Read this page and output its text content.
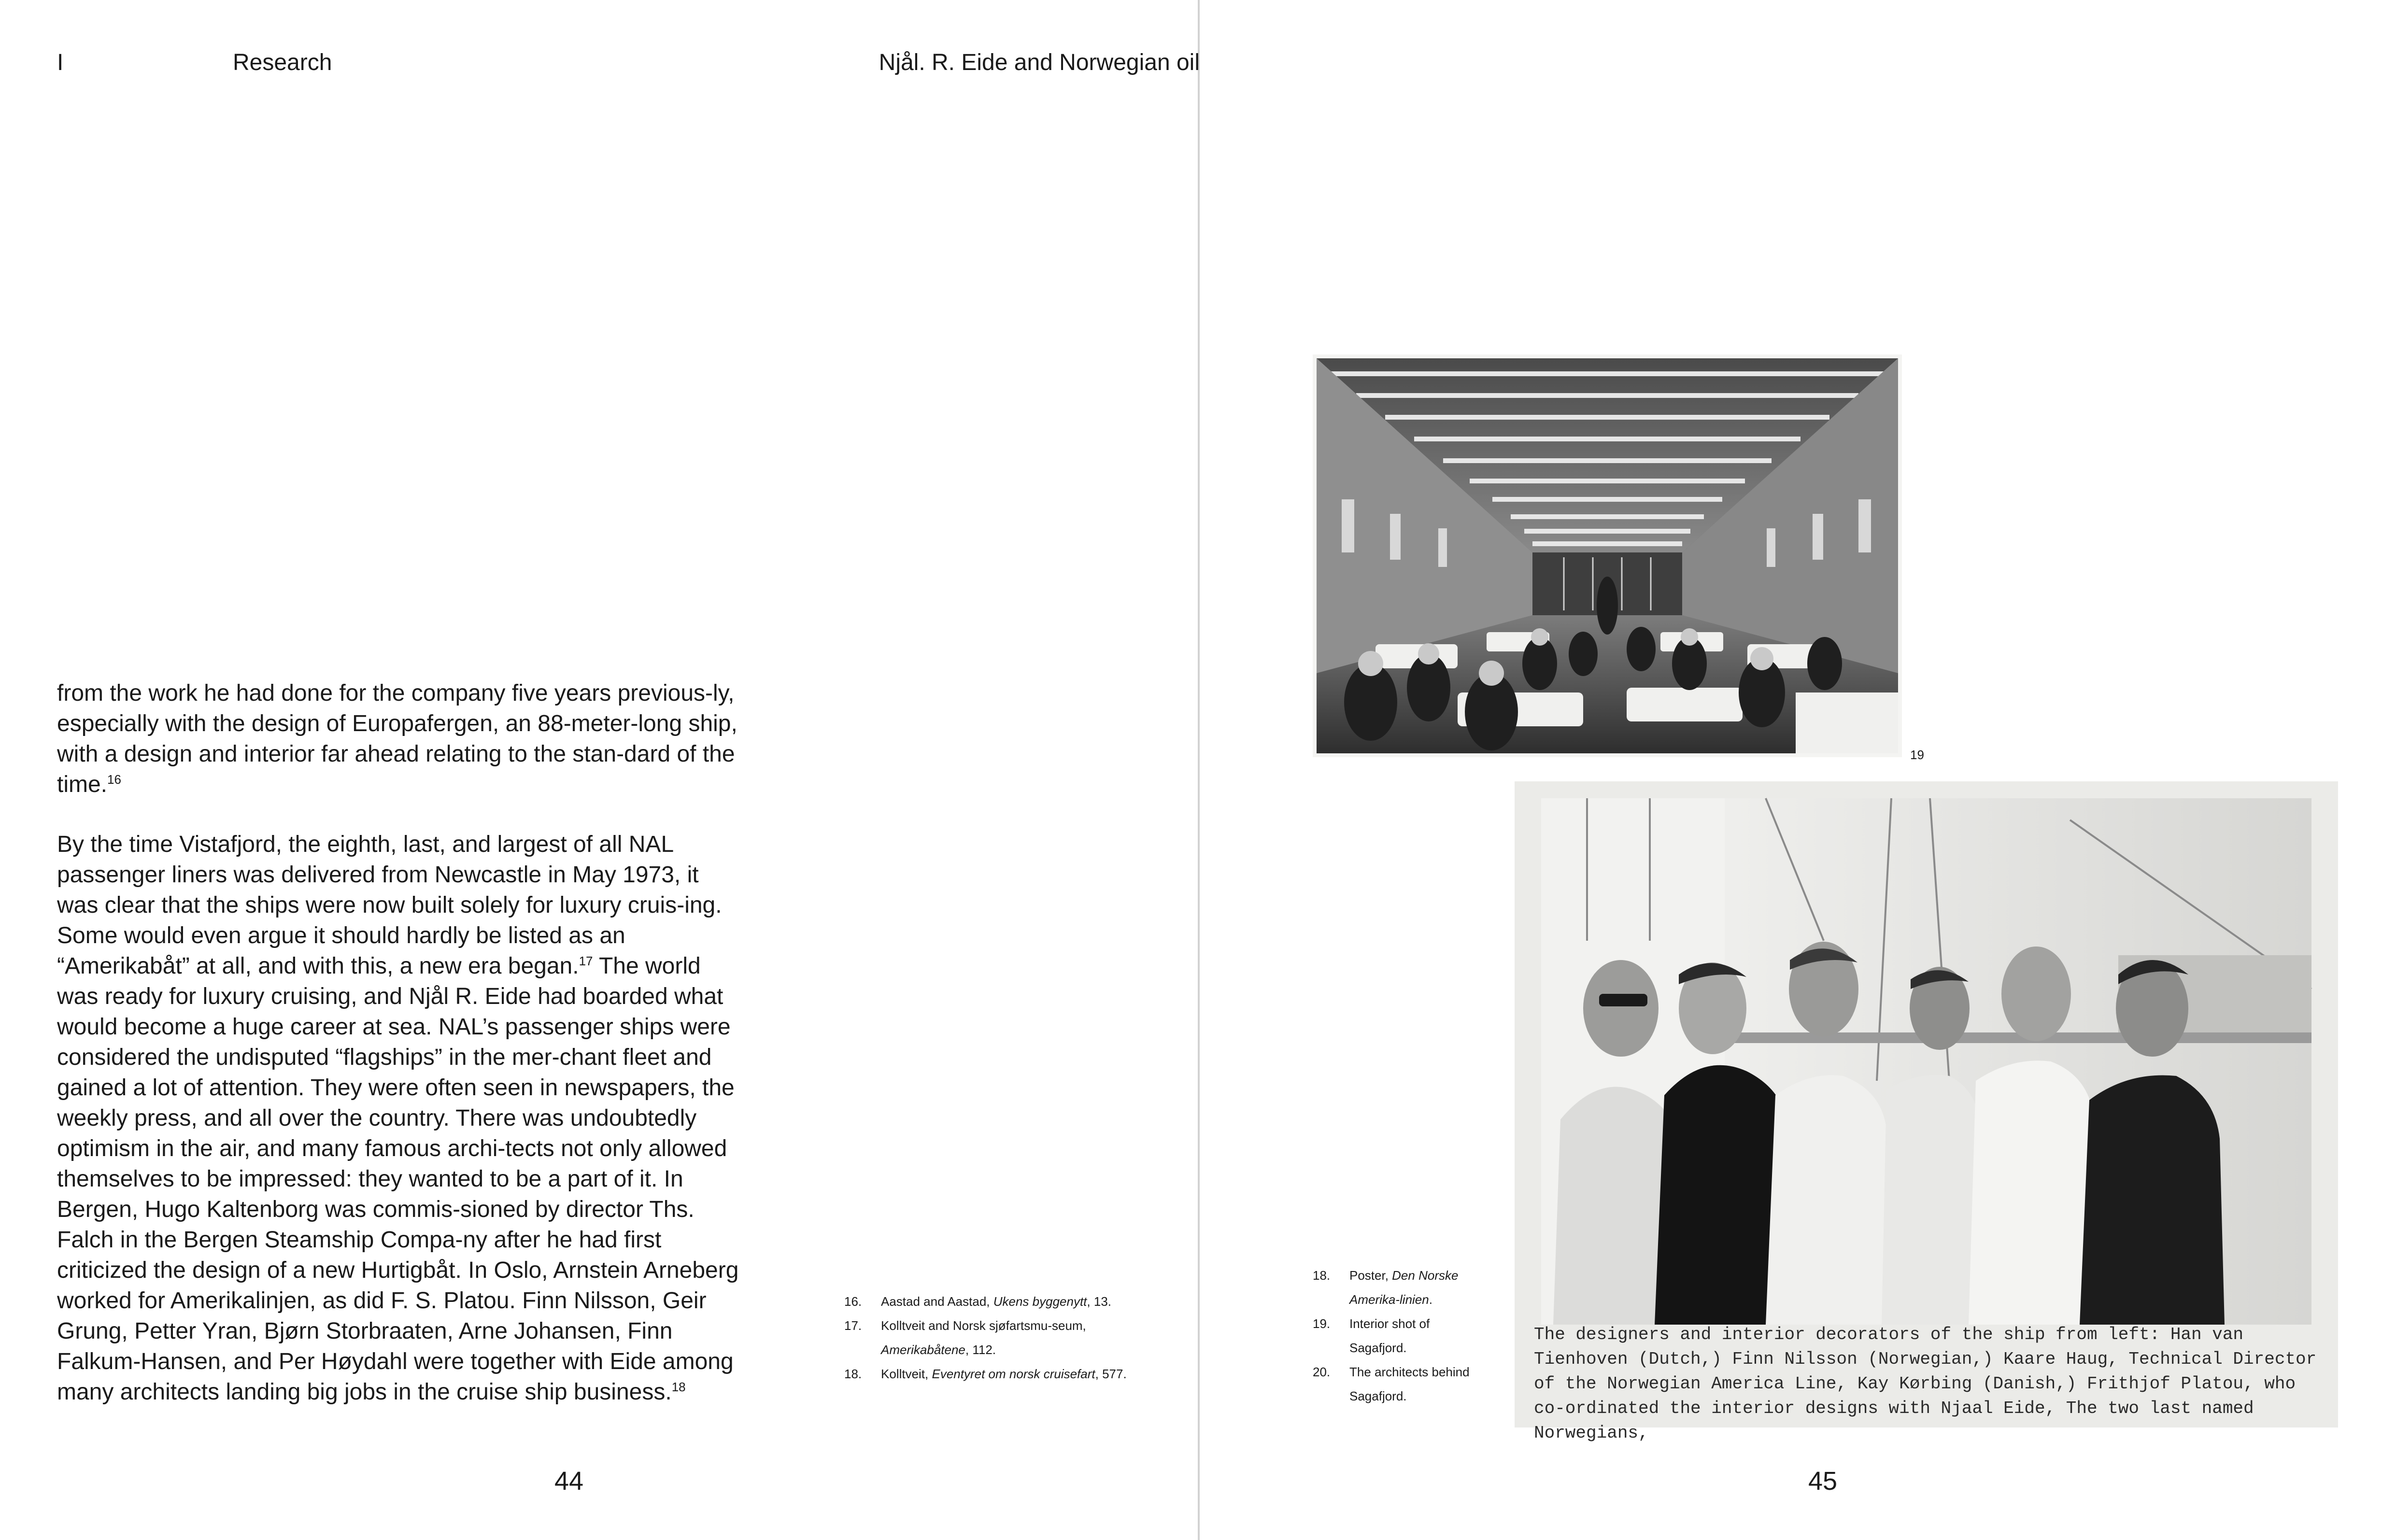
I	Research

from the work he had done for the company five years previous-ly, especially with the design of Europafergen, an 88-meter-long ship, with a design and interior far ahead relating to the stan-dard of the time.$^{16}$

By the time Vistafjord, the eighth, last, and largest of all NAL passenger liners was delivered from Newcastle in May 1973, it was clear that the ships were now built solely for luxury cruis-ing. Some would even argue it should hardly be listed as an “Amerikabåt” at all, and with this, a new era began.$^{17}$ The world was ready for luxury cruising, and Njål R. Eide had boarded what would become a huge career at sea. NAL’s passenger ships were considered the undisputed “flagships” in the mer-chant fleet and gained a lot of attention. They were often seen in newspapers, the weekly press, and all over the country. There was undoubtedly optimism in the air, and many famous archi-tects not only allowed themselves to be impressed: they wanted to be a part of it. In Bergen, Hugo Kaltenborg was commis-sioned by director Ths. Falch in the Bergen Steamship Compa-ny after he had first criticized the design of a new Hurtigbåt. In Oslo, Arnstein Arneberg worked for Amerikalinjen, as did F. S. Platou. Finn Nilsson, Geir Grung, Petter Yran, Bjørn Storbraaten, Arne Johansen, Finn Falkum-Hansen, and Per Høydahl were together with Eide among many architects landing big jobs in the cruise ship business.$^{18}$

16.	Aastad and Aastad, Ukens byggenytt, 13.
17.	Kolltveit and Norsk sjøfartsmu-seum, Amerikabåtene, 112.
18.	Kolltveit, Eventyret om norsk cruisefart, 577.
44
Njål. R. Eide and Norwegian oil
19

The designers and interior decorators of the ship from left: Han van Tienhoven (Dutch,) Finn Nilsson (Norwegian,) Kaare Haug, Technical Director of the Norwegian America Line, Kay Kørbing (Danish,) Frithjof Platou, who co-ordinated the interior designs with Njaal Eide, The two last named Norwegians,

18.	Poster, Den Norske Amerika-linien.
19.	Interior shot of Sagafjord.
20.	The architects behind Sagafjord.
45
